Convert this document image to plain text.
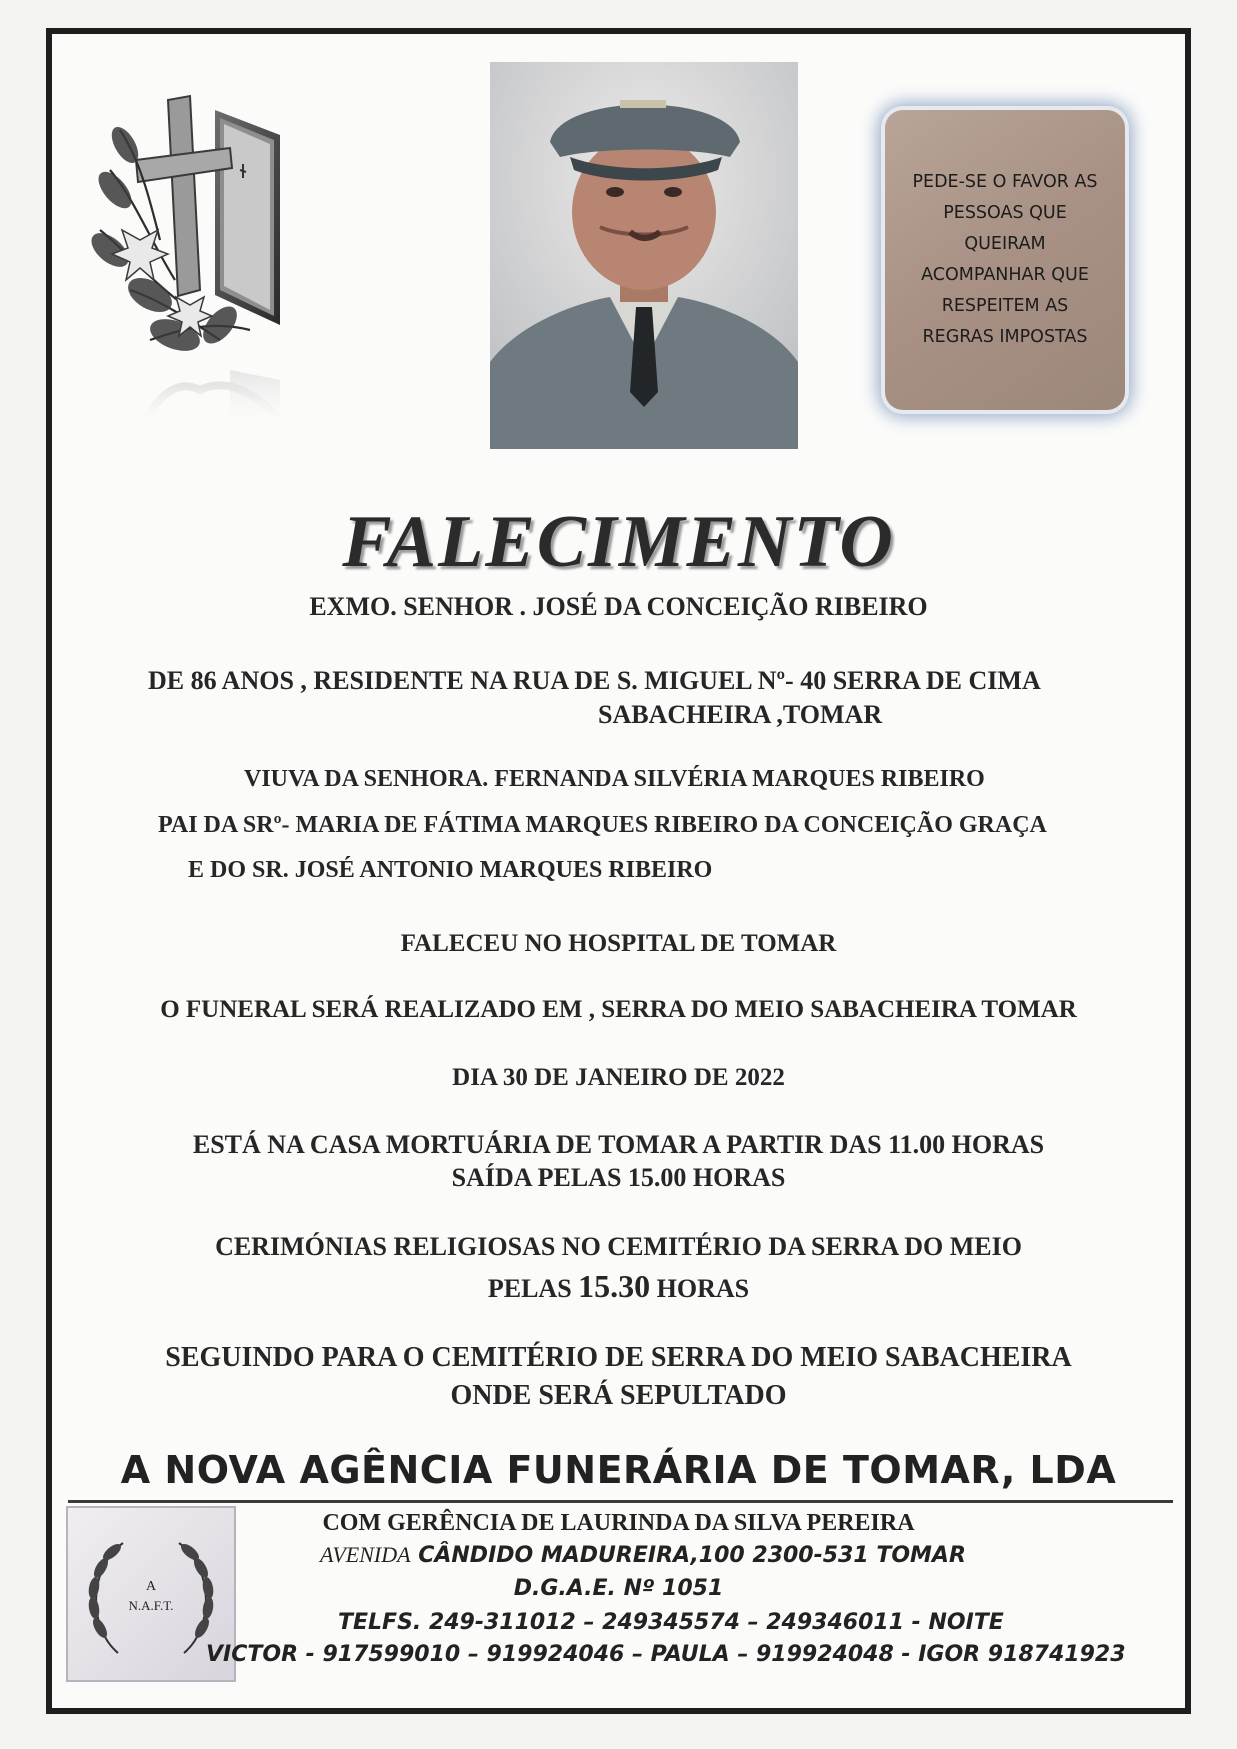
PEDE-SE O FAVOR AS
PESSOAS QUE
QUEIRAM
ACOMPANHAR QUE
RESPEITEM AS
REGRAS IMPOSTAS
FALECIMENTO
EXMO. SENHOR . JOSÉ DA CONCEIÇÃO RIBEIRO
DE 86 ANOS , RESIDENTE NA RUA DE S. MIGUEL Nº- 40 SERRA DE CIMA
SABACHEIRA ,TOMAR
VIUVA DA SENHORA. FERNANDA SILVÉRIA MARQUES RIBEIRO
PAI DA SRº- MARIA DE FÁTIMA MARQUES RIBEIRO DA CONCEIÇÃO GRAÇA
E DO SR. JOSÉ ANTONIO MARQUES RIBEIRO
FALECEU NO HOSPITAL DE TOMAR
O FUNERAL SERÁ REALIZADO EM , SERRA DO MEIO SABACHEIRA TOMAR
DIA 30 DE JANEIRO DE 2022
ESTÁ NA CASA MORTUÁRIA DE TOMAR A PARTIR DAS 11.00 HORAS
SAÍDA PELAS 15.00 HORAS
CERIMÓNIAS RELIGIOSAS NO CEMITÉRIO DA SERRA DO MEIO
PELAS 15.30 HORAS
SEGUINDO PARA O CEMITÉRIO DE SERRA DO MEIO SABACHEIRA
ONDE SERÁ SEPULTADO
A NOVA AGÊNCIA FUNERÁRIA DE TOMAR, LDA
A
N.A.F.T.
COM GERÊNCIA DE LAURINDA DA SILVA PEREIRA
AVENIDA CÂNDIDO MADUREIRA,100 2300-531 TOMAR
D.G.A.E. Nº 1051
TELFS. 249-311012 – 249345574 – 249346011 - NOITE
VICTOR - 917599010 – 919924046 – PAULA – 919924048 - IGOR 918741923
